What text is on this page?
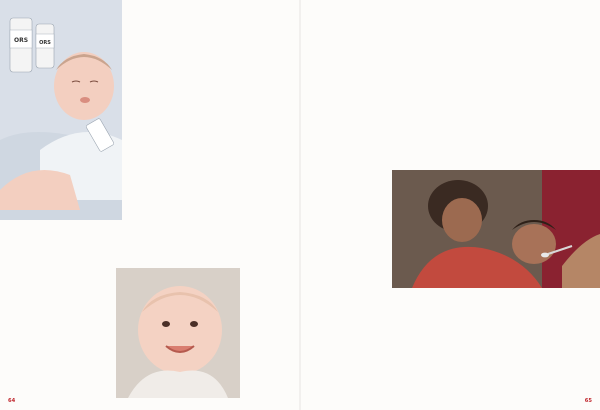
ORS ORS

64	65
